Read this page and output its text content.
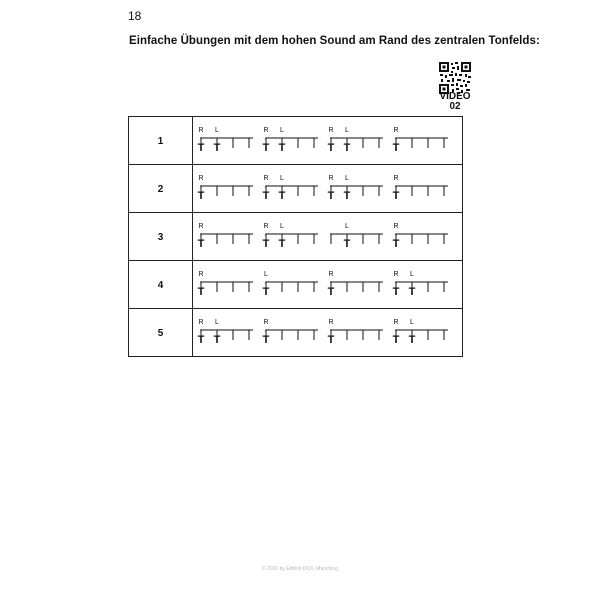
18
Einfache Übungen mit dem hohen Sound am Rand des zentralen Tonfelds:
VIDEO
02
1
R
T
L
T
R
T
L
T
R
T
L
T
R
T
2
R
T
R
T
L
T
R
T
L
T
R
T
3
R
T
R
T
L
T
L
T
R
T
4
R
T
L
T
R
T
R
T
L
T
5
R
T
L
T
R
T
R
T
R
T
L
T
© 2020 by Edition DUX, Manching
